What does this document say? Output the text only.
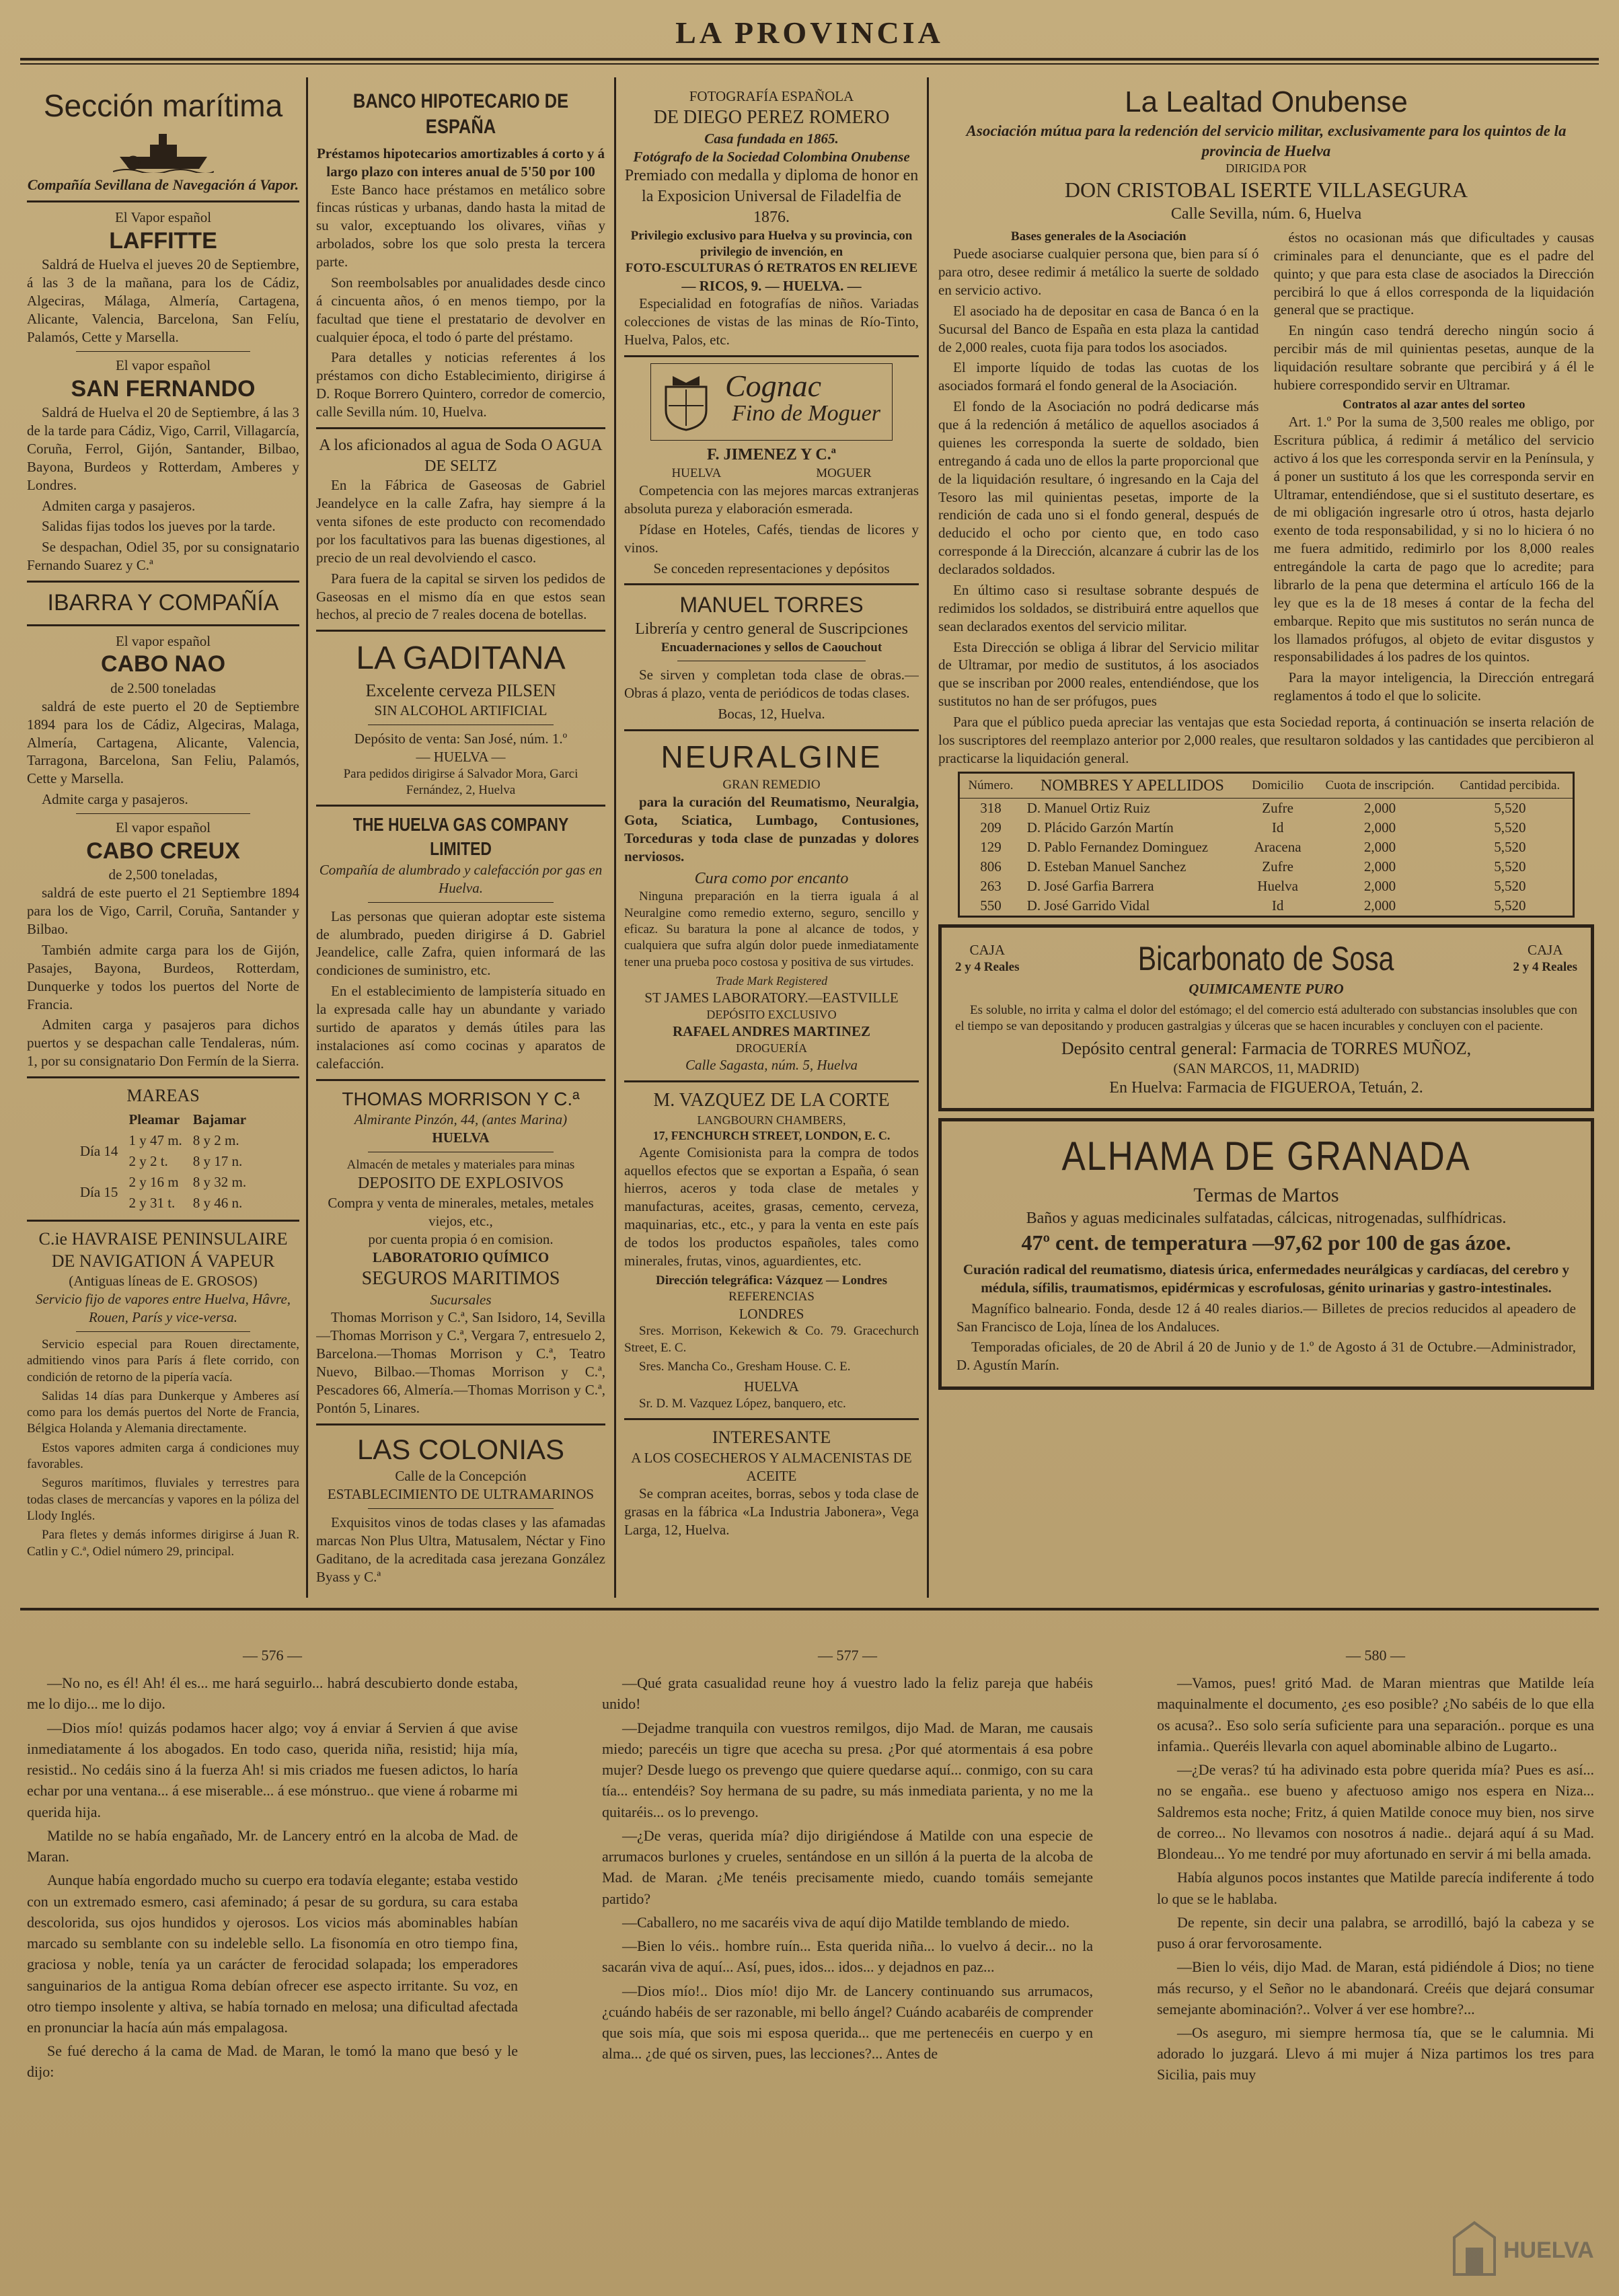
LA PROVINCIA
Sección marítima
Compañía Sevillana de Navegación á Vapor.
El Vapor español
LAFFITTE

Saldrá de Huelva el jueves 20 de Septiembre, á las 3 de la mañana, para los de Cádiz, Algeciras, Málaga, Almería, Cartagena, Alicante, Valencia, Barcelona, San Felíu, Palamós, Cette y Marsella.

El vapor español
SAN FERNANDO

Saldrá de Huelva el 20 de Septiembre, á las 3 de la tarde para Cádiz, Vigo, Carril, Villagarcía, Coruña, Ferrol, Gijón, Santander, Bilbao, Bayona, Burdeos y Rotterdam, Amberes y Londres.

Admiten carga y pasajeros.

Salidas fijas todos los jueves por la tarde.

Se despachan, Odiel 35, por su consignatario Fernando Suarez y C.ª

IBARRA Y COMPAÑÍA
El vapor español
CABO NAO
de 2.500 toneladas

saldrá de este puerto el 20 de Septiembre 1894 para los de Cádiz, Algeciras, Malaga, Almería, Cartagena, Alicante, Valencia, Tarragona, Barcelona, San Feliu, Palamós, Cette y Marsella.

Admite carga y pasajeros.

El vapor español
CABO CREUX
de 2,500 toneladas,

saldrá de este puerto el 21 Septiembre 1894 para los de Vigo, Carril, Coruña, Santander y Bilbao.

También admite carga para los de Gijón, Pasajes, Bayona, Burdeos, Rotterdam, Dunquerke y todos los puertos del Norte de Francia.

Admiten carga y pasajeros para dichos puertos y se despachan calle Tendaleras, núm. 1, por su consignatario Don Fermín de la Sierra.

MAREAS
	Pleamar	Bajamar
Día 14	1 y 47 m.	8 y 2 m.
	2 y 2 t.	8 y 17 n.
Día 15	2 y 16 m	8 y 32 m.
	2 y 31 t.	8 y 46 n.
C.ie HAVRAISE PENINSULAIRE
DE NAVIGATION Á VAPEUR
(Antiguas líneas de E. GROSOS)
Servicio fijo de vapores entre Huelva, Hâvre, Rouen, París y vice-versa.

Servicio especial para Rouen directamente, admitiendo vinos para París á flete corrido, con condición de retorno de la pipería vacía.

Salidas 14 días para Dunkerque y Amberes así como para los demás puertos del Norte de Francia, Bélgica Holanda y Alemania directamente.

Estos vapores admiten carga á condiciones muy favorables.

Seguros marítimos, fluviales y terrestres para todas clases de mercancías y vapores en la póliza del Llody Inglés.

Para fletes y demás informes dirigirse á Juan R. Catlin y C.ª, Odiel número 29, principal.

BANCO HIPOTECARIO DE ESPAÑA
Préstamos hipotecarios amortizables á corto y á largo plazo con interes anual de 5'50 por 100

Este Banco hace préstamos en metálico sobre fincas rústicas y urbanas, dando hasta la mitad de su valor, exceptuando los olivares, viñas y arbolados, sobre los que solo presta la tercera parte.

Son reembolsables por anualidades desde cinco á cincuenta años, ó en menos tiempo, por la facultad que tiene el prestatario de devolver en cualquier época, el todo ó parte del préstamo.

Para detalles y noticias referentes á los préstamos con dicho Establecimiento, dirigirse á D. Roque Borrero Quintero, corredor de comercio, calle Sevilla núm. 10, Huelva.

A los aficionados al agua de Soda O AGUA DE SELTZ

En la Fábrica de Gaseosas de Gabriel Jeandelyce en la calle Zafra, hay siempre á la venta sifones de este producto con recomendado por los facultativos para las buenas digestiones, al precio de un real devolviendo el casco.

Para fuera de la capital se sirven los pedidos de Gaseosas en el mismo día en que estos sean hechos, al precio de 7 reales docena de botellas.

LA GADITANA
Excelente cerveza PILSEN
SIN ALCOHOL ARTIFICIAL
Depósito de venta: San José, núm. 1.º
— HUELVA —
Para pedidos dirigirse á Salvador Mora, Garci Fernández, 2, Huelva
THE HUELVA GAS COMPANY LIMITED
Compañía de alumbrado y calefacción por gas en Huelva.

Las personas que quieran adoptar este sistema de alumbrado, pueden dirigirse á D. Gabriel Jeandelice, calle Zafra, quien informará de las condiciones de suministro, etc.

En el establecimiento de lampistería situado en la expresada calle hay un abundante y variado surtido de aparatos y demás útiles para las instalaciones así como cocinas y aparatos de calefacción.

THOMAS MORRISON Y C.ª
Almirante Pinzón, 44, (antes Marina)
HUELVA
Almacén de metales y materiales para minas
DEPOSITO DE EXPLOSIVOS
Compra y venta de minerales, metales, metales viejos, etc.,
por cuenta propia ó en comision.
LABORATORIO QUÍMICO
SEGUROS MARITIMOS
Sucursales

Thomas Morrison y C.ª, San Isidoro, 14, Sevilla—Thomas Morrison y C.ª, Vergara 7, entresuelo 2, Barcelona.—Thomas Morrison y C.ª, Teatro Nuevo, Bilbao.—Thomas Morrison y C.ª, Pescadores 66, Almería.—Thomas Morrison y C.ª, Pontón 5, Linares.

LAS COLONIAS
Calle de la Concepción
ESTABLECIMIENTO DE ULTRAMARINOS

Exquisitos vinos de todas clases y las afamadas marcas Non Plus Ultra, Matusalem, Néctar y Fino Gaditano, de la acreditada casa jerezana González Byass y C.ª

FOTOGRAFÍA ESPAÑOLA
DE DIEGO PEREZ ROMERO
Casa fundada en 1865.
Fotógrafo de la Sociedad Colombina Onubense
Premiado con medalla y diploma de honor en la Exposicion Universal de Filadelfia de 1876.
Privilegio exclusivo para Huelva y su provincia, con privilegio de invención, en
FOTO-ESCULTURAS Ó RETRATOS EN RELIEVE
— RICOS, 9. — HUELVA. —

Especialidad en fotografías de niños. Variadas colecciones de vistas de las minas de Río-Tinto, Huelva, Palos, etc.

Cognac
Fino de Moguer
F. JIMENEZ Y C.ª
HUELVA	MOGUER

Competencia con las mejores marcas extranjeras absoluta pureza y elaboración esmerada.

Pídase en Hoteles, Cafés, tiendas de licores y vinos.

Se conceden representaciones y depósitos
MANUEL TORRES
Librería y centro general de Suscripciones
Encuadernaciones y sellos de Caouchout

Se sirven y completan toda clase de obras.—Obras á plazo, venta de periódicos de todas clases.

Bocas, 12, Huelva.
NEURALGINE
GRAN REMEDIO

para la curación del Reumatismo, Neuralgia, Gota, Sciatica, Lumbago, Contusiones, Torceduras y toda clase de punzadas y dolores nerviosos.

Cura como por encanto

Ninguna preparación en la tierra iguala á al Neuralgine como remedio externo, seguro, sencillo y eficaz. Su baratura la pone al alcance de todos, y cualquiera que sufra algún dolor puede inmediatamente tener una prueba poco costosa y positiva de sus virtudes.

Trade Mark Registered
ST JAMES LABORATORY.—EASTVILLE
DEPÓSITO EXCLUSIVO
RAFAEL ANDRES MARTINEZ
DROGUERÍA
Calle Sagasta, núm. 5, Huelva
M. VAZQUEZ DE LA CORTE
LANGBOURN CHAMBERS,
17, FENCHURCH STREET, LONDON, E. C.

Agente Comisionista para la compra de todos aquellos efectos que se exportan a España, ó sean hierros, aceros y toda clase de metales y manufacturas, aceites, grasas, cemento, cerveza, maquinarias, etc., etc., y para la venta en este país de todos los productos españoles, tales como minerales, frutas, vinos, aguardientes, etc.

Dirección telegráfica: Vázquez — Londres
REFERENCIAS
LONDRES

Sres. Morrison, Kekewich & Co. 79. Gracechurch Street, E. C.

Sres. Mancha Co., Gresham House. C. E.

HUELVA

Sr. D. M. Vazquez López, banquero, etc.

INTERESANTE
A LOS COSECHEROS Y ALMACENISTAS DE ACEITE

Se compran aceites, borras, sebos y toda clase de grasas en la fábrica «La Industria Jabonera», Vega Larga, 12, Huelva.

La Lealtad Onubense
Asociación mútua para la redención del servicio militar, exclusivamente para los quintos de la provincia de Huelva
DIRIGIDA POR
DON CRISTOBAL ISERTE VILLASEGURA
Calle Sevilla, núm. 6, Huelva
Bases generales de la Asociación

Puede asociarse cualquier persona que, bien para sí ó para otro, desee redimir á metálico la suerte de soldado en servicio activo.

El asociado ha de depositar en casa de Banca ó en la Sucursal del Banco de España en esta plaza la cantidad de 2,000 reales, cuota fija para todos los asociados.

El importe líquido de todas las cuotas de los asociados formará el fondo general de la Asociación.

El fondo de la Asociación no podrá dedicarse más que á la redención á metálico de aquellos asociados á quienes les corresponda la suerte de soldado, bien entregando á cada uno de ellos la parte proporcional que de la liquidación resultare, ó ingresando en la Caja del Tesoro las mil quinientas pesetas, importe de la rendición de cada uno si el fondo general, después de deducido el ocho por ciento que, en todo caso corresponde á la Dirección, alcanzare á cubrir las de los declarados soldados.

En último caso si resultase sobrante después de redimidos los soldados, se distribuirá entre aquellos que sean declarados exentos del servicio militar.

Esta Dirección se obliga á librar del Servicio militar de Ultramar, por medio de sustitutos, á los asociados que se inscriban por 2000 reales, entendiéndose, que los sustitutos no han de ser prófugos, pues

éstos no ocasionan más que dificultades y causas criminales para el denunciante, que es el padre del quinto; y que para esta clase de asociados la Dirección percibirá lo que á ellos corresponda de la liquidación general que se practique.

En ningún caso tendrá derecho ningún socio á percibir más de mil quinientas pesetas, aunque de la liquidación resultare sobrante que percibirá y á él le hubiere correspondido servir en Ultramar.

Contratos al azar antes del sorteo

Art. 1.º Por la suma de 3,500 reales me obligo, por Escritura pública, á redimir á metálico del servicio activo á los que les corresponda servir en la Península, y á poner un sustituto á los que les corresponda servir en Ultramar, entendiéndose, que si el sustituto desertare, es de mi obligación ingresarle otro ú otros, hasta dejarlo exento de toda responsabilidad, y si no lo hiciera ó no me fuera admitido, redimirlo por los 8,000 reales entregándole la carta de pago que lo acredite; para librarlo de la pena que determina el artículo 166 de la ley que es la de 18 meses á contar de la fecha del embarque. Repito que mis sustitutos no serán nunca de los llamados prófugos, al objeto de evitar disgustos y responsabilidades á los padres de los quintos.

Para la mayor inteligencia, la Dirección entregará reglamentos á todo el que lo solicite.

Para que el público pueda apreciar las ventajas que esta Sociedad reporta, á continuación se inserta relación de los suscriptores del reemplazo anterior por 2,000 reales, que resultaron soldados y las cantidades que percibieron al practicarse la liquidación general.

Número.	NOMBRES Y APELLIDOS	Domicilio	Cuota de inscripción.	Cantidad percibida.
318	D. Manuel Ortiz Ruiz	Zufre	2,000	5,520
209	D. Plácido Garzón Martín	Id	2,000	5,520
129	D. Pablo Fernandez Dominguez	Aracena	2,000	5,520
806	D. Esteban Manuel Sanchez	Zufre	2,000	5,520
263	D. José Garfia Barrera	Huelva	2,000	5,520
550	D. José Garrido Vidal	Id	2,000	5,520
CAJA
2 y 4 Reales	Bicarbonato de Sosa	CAJA
2 y 4 Reales
QUIMICAMENTE PURO

Es soluble, no irrita y calma el dolor del estómago; el del comercio está adulterado con substancias insolubles que con el tiempo se van depositando y producen gastralgias y úlceras que se hacen incurables y concluyen con el paciente.

Depósito central general: Farmacia de TORRES MUÑOZ,
(SAN MARCOS, 11, MADRID)
En Huelva: Farmacia de FIGUEROA, Tetuán, 2.
ALHAMA DE GRANADA
Termas de Martos
Baños y aguas medicinales sulfatadas, cálcicas, nitrogenadas, sulfhídricas.
47º cent. de temperatura —97,62 por 100 de gas ázoe.

Curación radical del reumatismo, diatesis úrica, enfermedades neurálgicas y cardíacas, del cerebro y médula, sífilis, traumatismos, epidérmicas y escrofulosas, génito urinarias y gastro-intestinales.

Magnífico balneario. Fonda, desde 12 á 40 reales diarios.— Billetes de precios reducidos al apeadero de San Francisco de Loja, línea de los Andaluces.

Temporadas oficiales, de 20 de Abril á 20 de Junio y de 1.º de Agosto á 31 de Octubre.—Administrador, D. Agustín Marín.

— 576 —

—No no, es él! Ah! él es... me hará seguirlo... habrá descubierto donde estaba, me lo dijo... me lo dijo.

—Dios mío! quizás podamos hacer algo; voy á enviar á Servien á que avise inmediatamente á los abogados. En todo caso, querida niña, resistid; hija mía, resistid.. No cedáis sino á la fuerza Ah! si mis criados me fuesen adictos, lo haría echar por una ventana... á ese miserable... á ese mónstruo.. que viene á robarme mi querida hija.

Matilde no se había engañado, Mr. de Lancery entró en la alcoba de Mad. de Maran.

Aunque había engordado mucho su cuerpo era todavía elegante; estaba vestido con un extremado esmero, casi afeminado; á pesar de su gordura, su cara estaba descolorida, sus ojos hundidos y ojerosos. Los vicios más abominables habían marcado su semblante con su indeleble sello. La fisonomía en otro tiempo fina, graciosa y noble, tenía ya un carácter de ferocidad solapada; los emperadores sanguinarios de la antigua Roma debían ofrecer ese aspecto irritante. Su voz, en otro tiempo insolente y altiva, se había tornado en melosa; una dificultad afectada en pronunciar la hacía aún más empalagosa.

Se fué derecho á la cama de Mad. de Maran, le tomó la mano que besó y le dijo:

— 577 —

—Qué grata casualidad reune hoy á vuestro lado la feliz pareja que habéis unido!

—Dejadme tranquila con vuestros remilgos, dijo Mad. de Maran, me causais miedo; parecéis un tigre que acecha su presa. ¿Por qué atormentais á esa pobre mujer? Desde luego os prevengo que quiere quedarse aquí... conmigo, con su cara tía... entendéis? Soy hermana de su padre, su más inmediata parienta, y no me la quitaréis... os lo prevengo.

—¿De veras, querida mía? dijo dirigiéndose á Matilde con una especie de arrumacos burlones y crueles, sentándose en un sillón á la puerta de la alcoba de Mad. de Maran. ¿Me tenéis precisamente miedo, cuando tomáis semejante partido?

—Caballero, no me sacaréis viva de aquí dijo Matilde temblando de miedo.

—Bien lo véis.. hombre ruín... Esta querida niña... lo vuelvo á decir... no la sacarán viva de aquí... Así, pues, idos... idos... y dejadnos en paz...

—Dios mío!.. Dios mío! dijo Mr. de Lancery continuando sus arrumacos, ¿cuándo habéis de ser razonable, mi bello ángel? Cuándo acabaréis de comprender que sois mía, que sois mi esposa querida... que me pertenecéis en cuerpo y en alma... ¿de qué os sirven, pues, las lecciones?... Antes de

— 580 —

—Vamos, pues! gritó Mad. de Maran mientras que Matilde leía maquinalmente el documento, ¿es eso posible? ¿No sabéis de lo que ella os acusa?.. Eso solo sería suficiente para una separación.. porque es una infamia.. Queréis llevarla con aquel abominable albino de Lugarto..

—¿De veras? tú ha adivinado esta pobre querida mía? Pues es así... no se engaña.. ese bueno y afectuoso amigo nos espera en Niza... Saldremos esta noche; Fritz, á quien Matilde conoce muy bien, nos sirve de correo... No llevamos con nosotros á nadie.. dejará aquí á su Mad. Blondeau... Yo me tendré por muy afortunado en servir á mi bella amada.

Había algunos pocos instantes que Matilde parecía indiferente á todo lo que se le hablaba.

De repente, sin decir una palabra, se arrodilló, bajó la cabeza y se puso á orar fervorosamente.

—Bien lo véis, dijo Mad. de Maran, está pidiéndole á Dios; no tiene más recurso, y el Señor no le abandonará. Creéis que dejará consumar semejante abominación?.. Volver á ver ese hombre?...

—Os aseguro, mi siempre hermosa tía, que se le calumnia. Mi adorado lo juzgará. Llevo á mi mujer á Niza partimos los tres para Sicilia, pais muy

HUELVA
